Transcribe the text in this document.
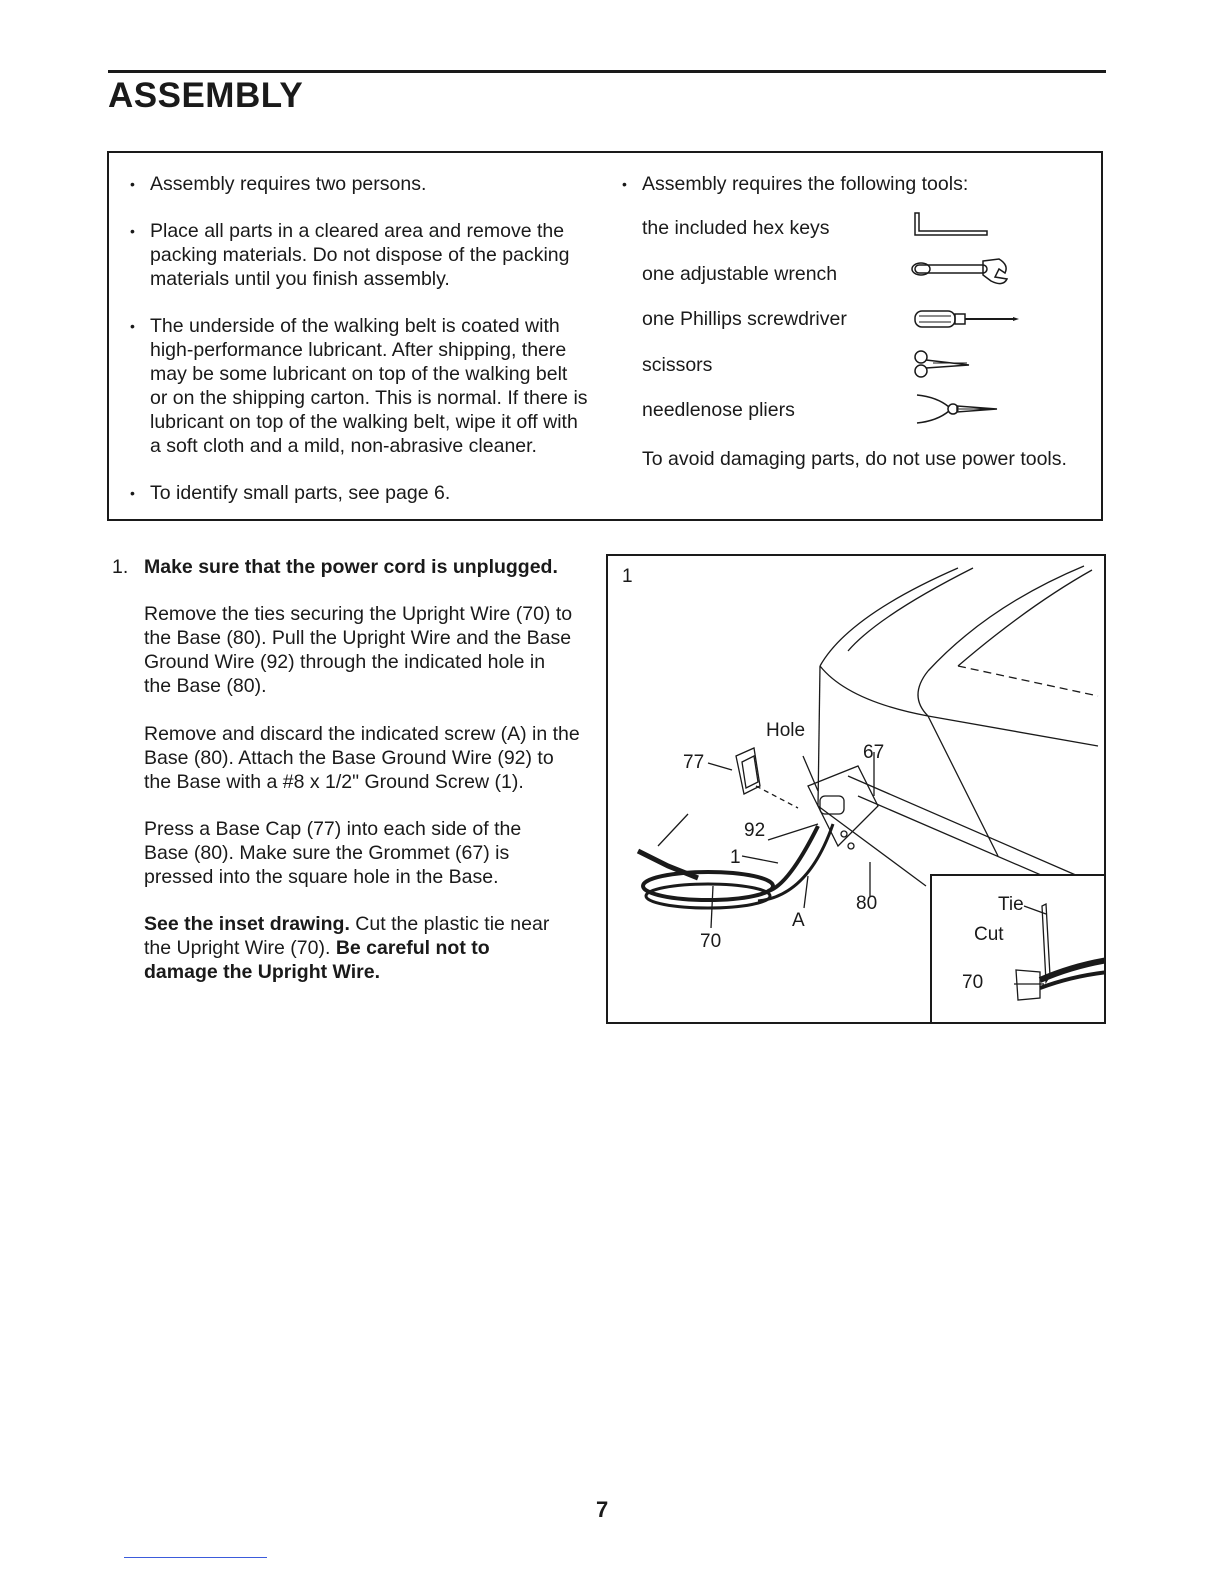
ASSEMBLY
• Assembly requires two persons.
• Place all parts in a cleared area and remove the packing materials. Do not dispose of the packing materials until you finish assembly.
• The underside of the walking belt is coated with high-performance lubricant. After shipping, there may be some lubricant on top of the walking belt or on the shipping carton. This is normal. If there is lubricant on top of the walking belt, wipe it off with a soft cloth and a mild, non-abrasive cleaner.
• To identify small parts, see page 6.
• Assembly requires the following tools:
the included hex keys
one adjustable wrench
one Phillips screwdriver
scissors
needlenose pliers
To avoid damaging parts, do not use power tools.
1. Make sure that the power cord is unplugged.
Remove the ties securing the Upright Wire (70) to the Base (80). Pull the Upright Wire and the Base Ground Wire (92) through the indicated hole in the Base (80).
Remove and discard the indicated screw (A) in the Base (80). Attach the Base Ground Wire (92) to the Base with a #8 x 1/2" Ground Screw (1).
Press a Base Cap (77) into each side of the Base (80). Make sure the Grommet (67) is pressed into the square hole in the Base.
See the inset drawing. Cut the plastic tie near the Upright Wire (70). Be careful not to damage the Upright Wire.
1
Hole
77	67
92
1
80
A
70
Tie
Cut
70
7
